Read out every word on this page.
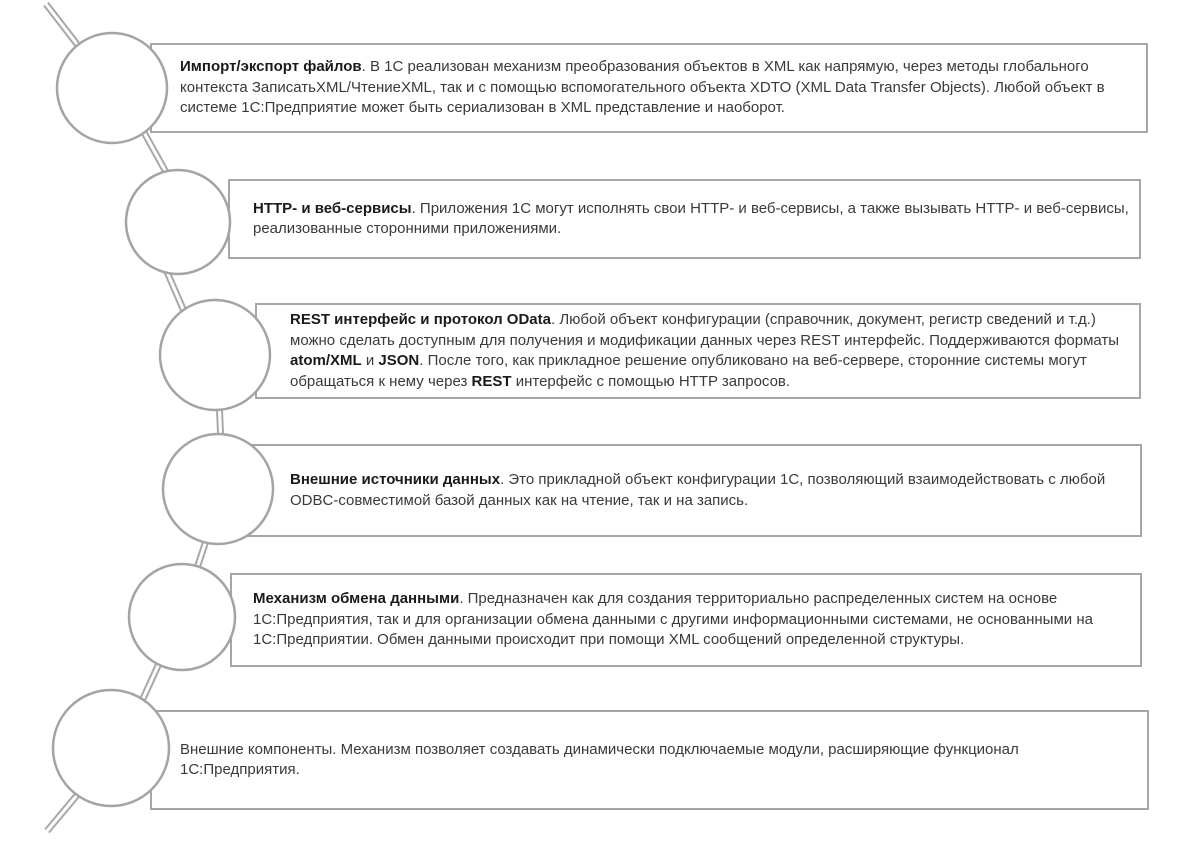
Импорт/экспорт файлов. В 1С реализован механизм преобразования объектов в XML как напрямую, через методы глобального контекста ЗаписатьXML/ЧтениеXML, так и с помощью вспомогательного объекта XDTO (XML Data Transfer Objects). Любой объект в системе 1С:Предприятие может быть сериализован в XML представление и наоборот.

HTTP- и веб-сервисы. Приложения 1С могут исполнять свои HTTP- и веб-сервисы, а также вызывать HTTP- и веб-сервисы, реализованные сторонними приложениями.

REST интерфейс и протокол OData. Любой объект конфигурации (справочник, документ, регистр сведений и т.д.) можно сделать доступным для получения и модификации данных через REST интерфейс. Поддерживаются форматы atom/XML и JSON. После того, как прикладное решение опубликовано на веб-сервере, сторонние системы могут обращаться к нему через REST интерфейс с помощью HTTP запросов.

Внешние источники данных. Это прикладной объект конфигурации 1С, позволяющий взаимодействовать с любой ODBC-совместимой базой данных как на чтение, так и на запись.

Механизм обмена данными. Предназначен как для создания территориально распределенных систем на основе 1С:Предприятия, так и для организации обмена данными с другими информационными системами, не основанными на 1С:Предприятии. Обмен данными происходит при помощи XML сообщений определенной структуры.

Внешние компоненты. Механизм позволяет создавать динамически подключаемые модули, расширяющие функционал 1С:Предприятия.
